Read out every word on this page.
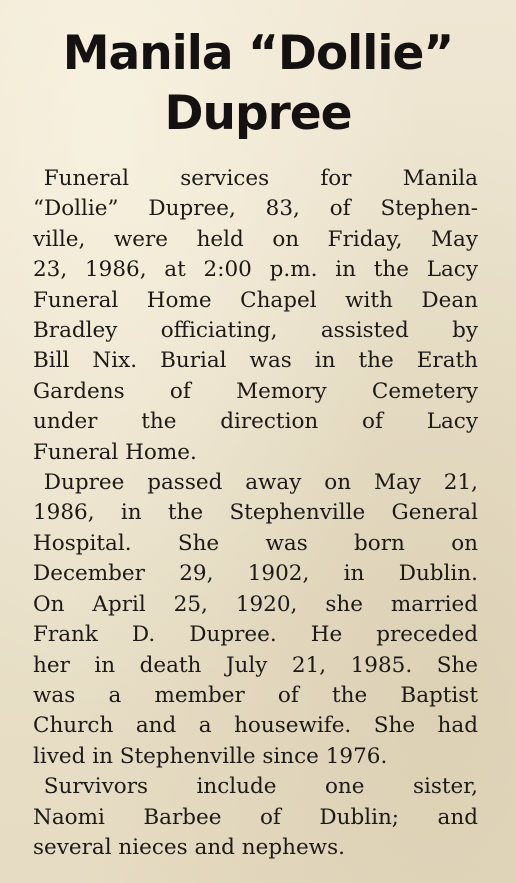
Manila “Dollie”
Dupree
 Funeral services for Manila
“Dollie” Dupree, 83, of Stephen-
ville, were held on Friday, May
23, 1986, at 2:00 p.m. in the Lacy
Funeral Home Chapel with Dean
Bradley officiating, assisted by
Bill Nix. Burial was in the Erath
Gardens of Memory Cemetery
under the direction of Lacy
Funeral Home.
 Dupree passed away on May 21,
1986, in the Stephenville General
Hospital. She was born on
December 29, 1902, in Dublin.
On April 25, 1920, she married
Frank D. Dupree. He preceded
her in death July 21, 1985. She
was a member of the Baptist
Church and a housewife. She had
lived in Stephenville since 1976.
 Survivors include one sister,
Naomi Barbee of Dublin; and
several nieces and nephews.
